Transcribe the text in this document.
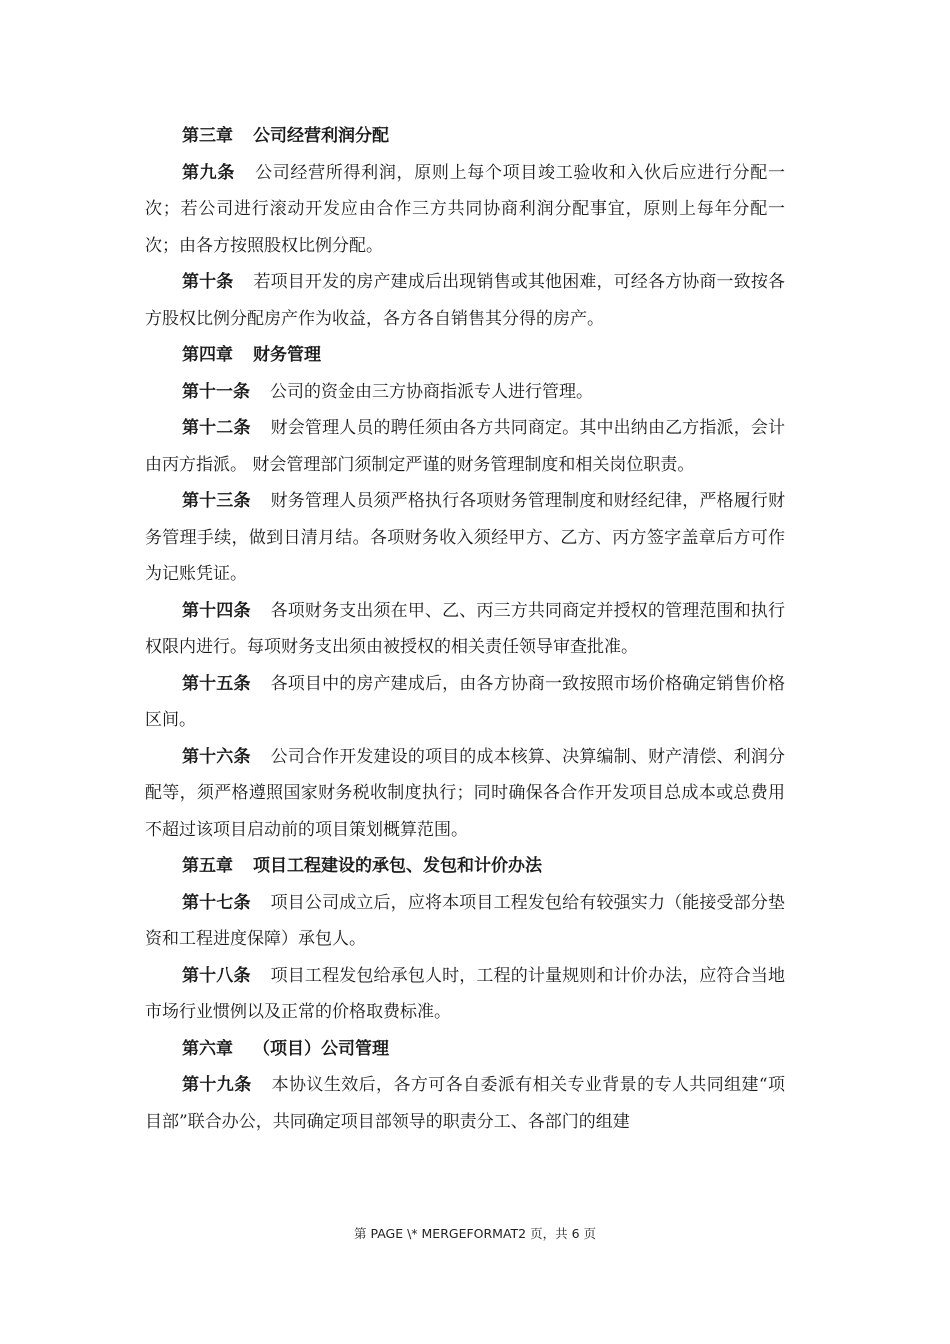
第三章 公司经营利润分配

第九条 公司经营所得利润，原则上每个项目竣工验收和入伙后应进行分配一次；若公司进行滚动开发应由合作三方共同协商利润分配事宜，原则上每年分配一次；由各方按照股权比例分配。

第十条 若项目开发的房产建成后出现销售或其他困难，可经各方协商一致按各方股权比例分配房产作为收益，各方各自销售其分得的房产。

第四章 财务管理

第十一条 公司的资金由三方协商指派专人进行管理。

第十二条 财会管理人员的聘任须由各方共同商定。其中出纳由乙方指派，会计由丙方指派。 财会管理部门须制定严谨的财务管理制度和相关岗位职责。

第十三条 财务管理人员须严格执行各项财务管理制度和财经纪律，严格履行财务管理手续，做到日清月结。各项财务收入须经甲方、乙方、丙方签字盖章后方可作为记账凭证。

第十四条 各项财务支出须在甲、乙、丙三方共同商定并授权的管理范围和执行权限内进行。每项财务支出须由被授权的相关责任领导审查批准。

第十五条 各项目中的房产建成后，由各方协商一致按照市场价格确定销售价格区间。

第十六条 公司合作开发建设的项目的成本核算、决算编制、财产清偿、利润分配等，须严格遵照国家财务税收制度执行；同时确保各合作开发项目总成本或总费用不超过该项目启动前的项目策划概算范围。

第五章 项目工程建设的承包、发包和计价办法

第十七条 项目公司成立后，应将本项目工程发包给有较强实力（能接受部分垫资和工程进度保障）承包人。

第十八条 项目工程发包给承包人时，工程的计量规则和计价办法，应符合当地市场行业惯例以及正常的价格取费标准。

第六章 （项目）公司管理

第十九条 本协议生效后，各方可各自委派有相关专业背景的专人共同组建“项目部”联合办公，共同确定项目部领导的职责分工、各部门的组建

第 PAGE \* MERGEFORMAT2 页，共 6 页
